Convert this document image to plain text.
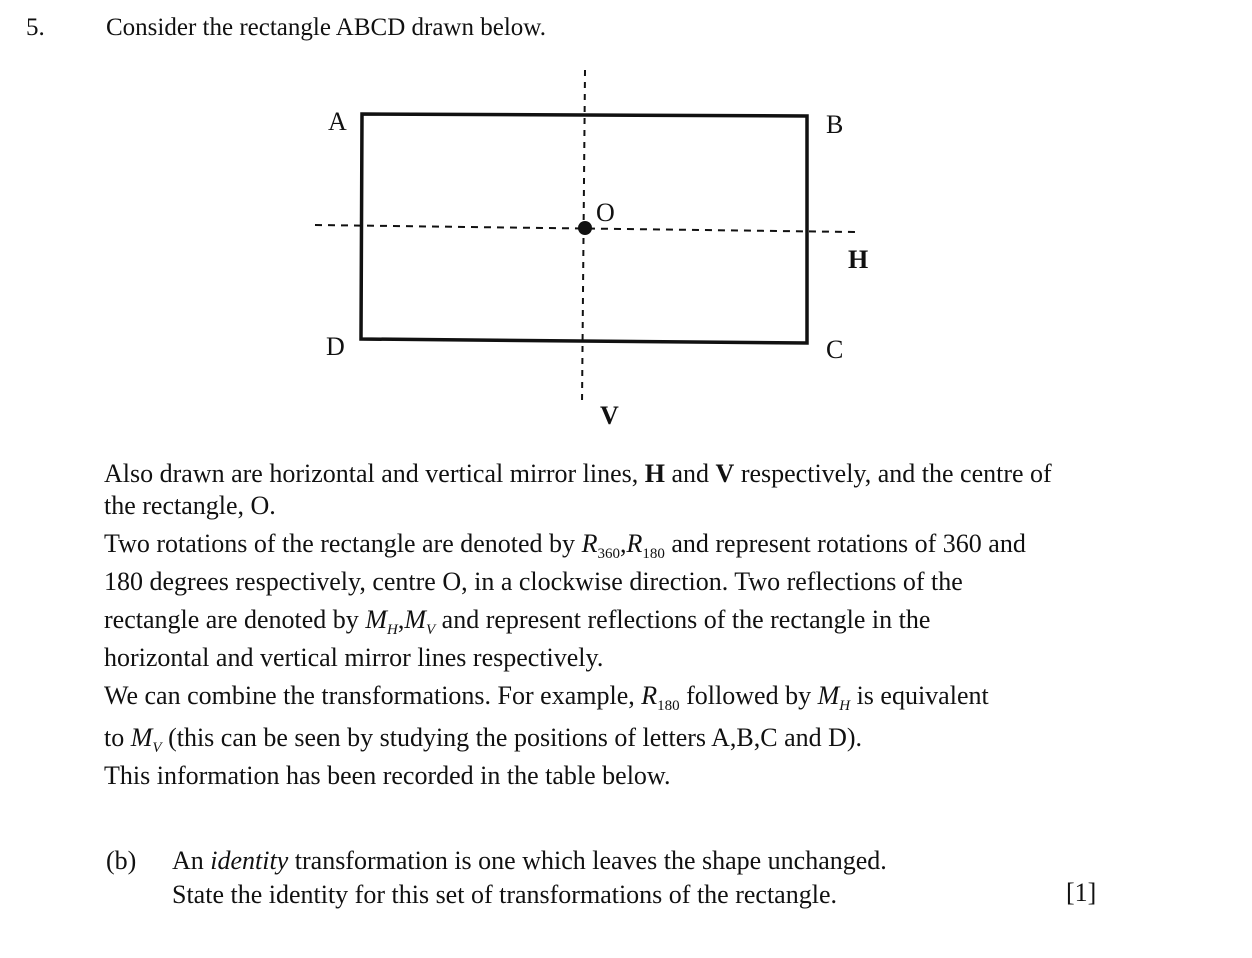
5. Consider the rectangle ABCD drawn below.
A	B
C
D
O
H
V
Also drawn are horizontal and vertical mirror lines, H and V respectively, and the centre of
the rectangle, O.
Two rotations of the rectangle are denoted by $R_{360},R_{180}$ and represent rotations of 360 and
180 degrees respectively, centre O, in a clockwise direction. Two reflections of the
rectangle are denoted by $M_H,M_V$ and represent reflections of the rectangle in the
horizontal and vertical mirror lines respectively.
We can combine the transformations. For example, $R_{180}$ followed by $M_H$ is equivalent
to $M_V$ (this can be seen by studying the positions of letters A,B,C and D).
This information has been recorded in the table below.
(b) An identity transformation is one which leaves the shape unchanged.
State the identity for this set of transformations of the rectangle.	[1]
